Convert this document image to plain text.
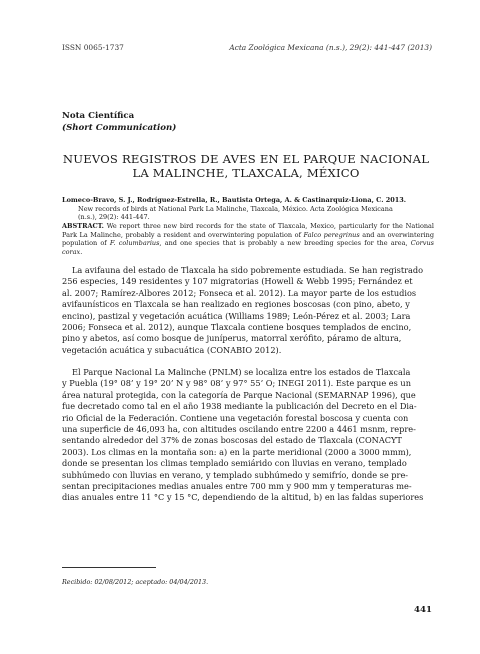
ISSN 0065-1737	Acta Zoológica Mexicana (n.s.), 29(2): 441-447 (2013)
Nota Científica
(Short Communication)
NUEVOS REGISTROS DE AVES EN EL PARQUE NACIONAL
LA MALINCHE, TLAXCALA, MÉXICO
Lomeco-Bravo, S. J., Rodríguez-Estrella, R., Bautista Ortega, A. & Castinarquiz-Liona, C. 2013.
New records of birds at National Park La Malinche, Tlaxcala, México. Acta Zoológica Mexicana
(n.s.), 29(2): 441-447.
ABSTRACT. We report three new bird records for the state of Tlaxcala, Mexico, particularly for the National Park La Malinche, probably a resident and overwintering population of Falco peregrinus and an overwintering population of F. columbarius, and one species that is probably a new breeding species for the area, Corvus corax.
La avifauna del estado de Tlaxcala ha sido pobremente estudiada. Se han registrado
256 especies, 149 residentes y 107 migratorias (Howell & Webb 1995; Fernández et
al. 2007; Ramírez-Albores 2012; Fonseca et al. 2012). La mayor parte de los estudios
avifaunísticos en Tlaxcala se han realizado en regiones boscosas (con pino, abeto, y
encino), pastizal y vegetación acuática (Williams 1989; León-Pérez et al. 2003; Lara
2006; Fonseca et al. 2012), aunque Tlaxcala contiene bosques templados de encino,
pino y abetos, así como bosque de juníperus, matorral xerófito, páramo de altura,
vegetación acuática y subacuática (CONABIO 2012).
El Parque Nacional La Malinche (PNLM) se localiza entre los estados de Tlaxcala
y Puebla (19° 08’ y 19° 20’ N y 98° 08’ y 97° 55’ O; INEGI 2011). Este parque es un
área natural protegida, con la categoría de Parque Nacional (SEMARNAP 1996), que
fue decretado como tal en el año 1938 mediante la publicación del Decreto en el Dia-
rio Oficial de la Federación. Contiene una vegetación forestal boscosa y cuenta con
una superficie de 46,093 ha, con altitudes oscilando entre 2200 a 4461 msnm, repre-
sentando alrededor del 37% de zonas boscosas del estado de Tlaxcala (CONACYT
2003). Los climas en la montaña son: a) en la parte meridional (2000 a 3000 mmm),
donde se presentan los climas templado semiárido con lluvias en verano, templado
subhúmedo con lluvias en verano, y templado subhúmedo y semifrío, donde se pre-
sentan precipitaciones medias anuales entre 700 mm y 900 mm y temperaturas me-
dias anuales entre 11 °C y 15 °C, dependiendo de la altitud, b) en las faldas superiores
Recibido: 02/08/2012; aceptado: 04/04/2013.
441
